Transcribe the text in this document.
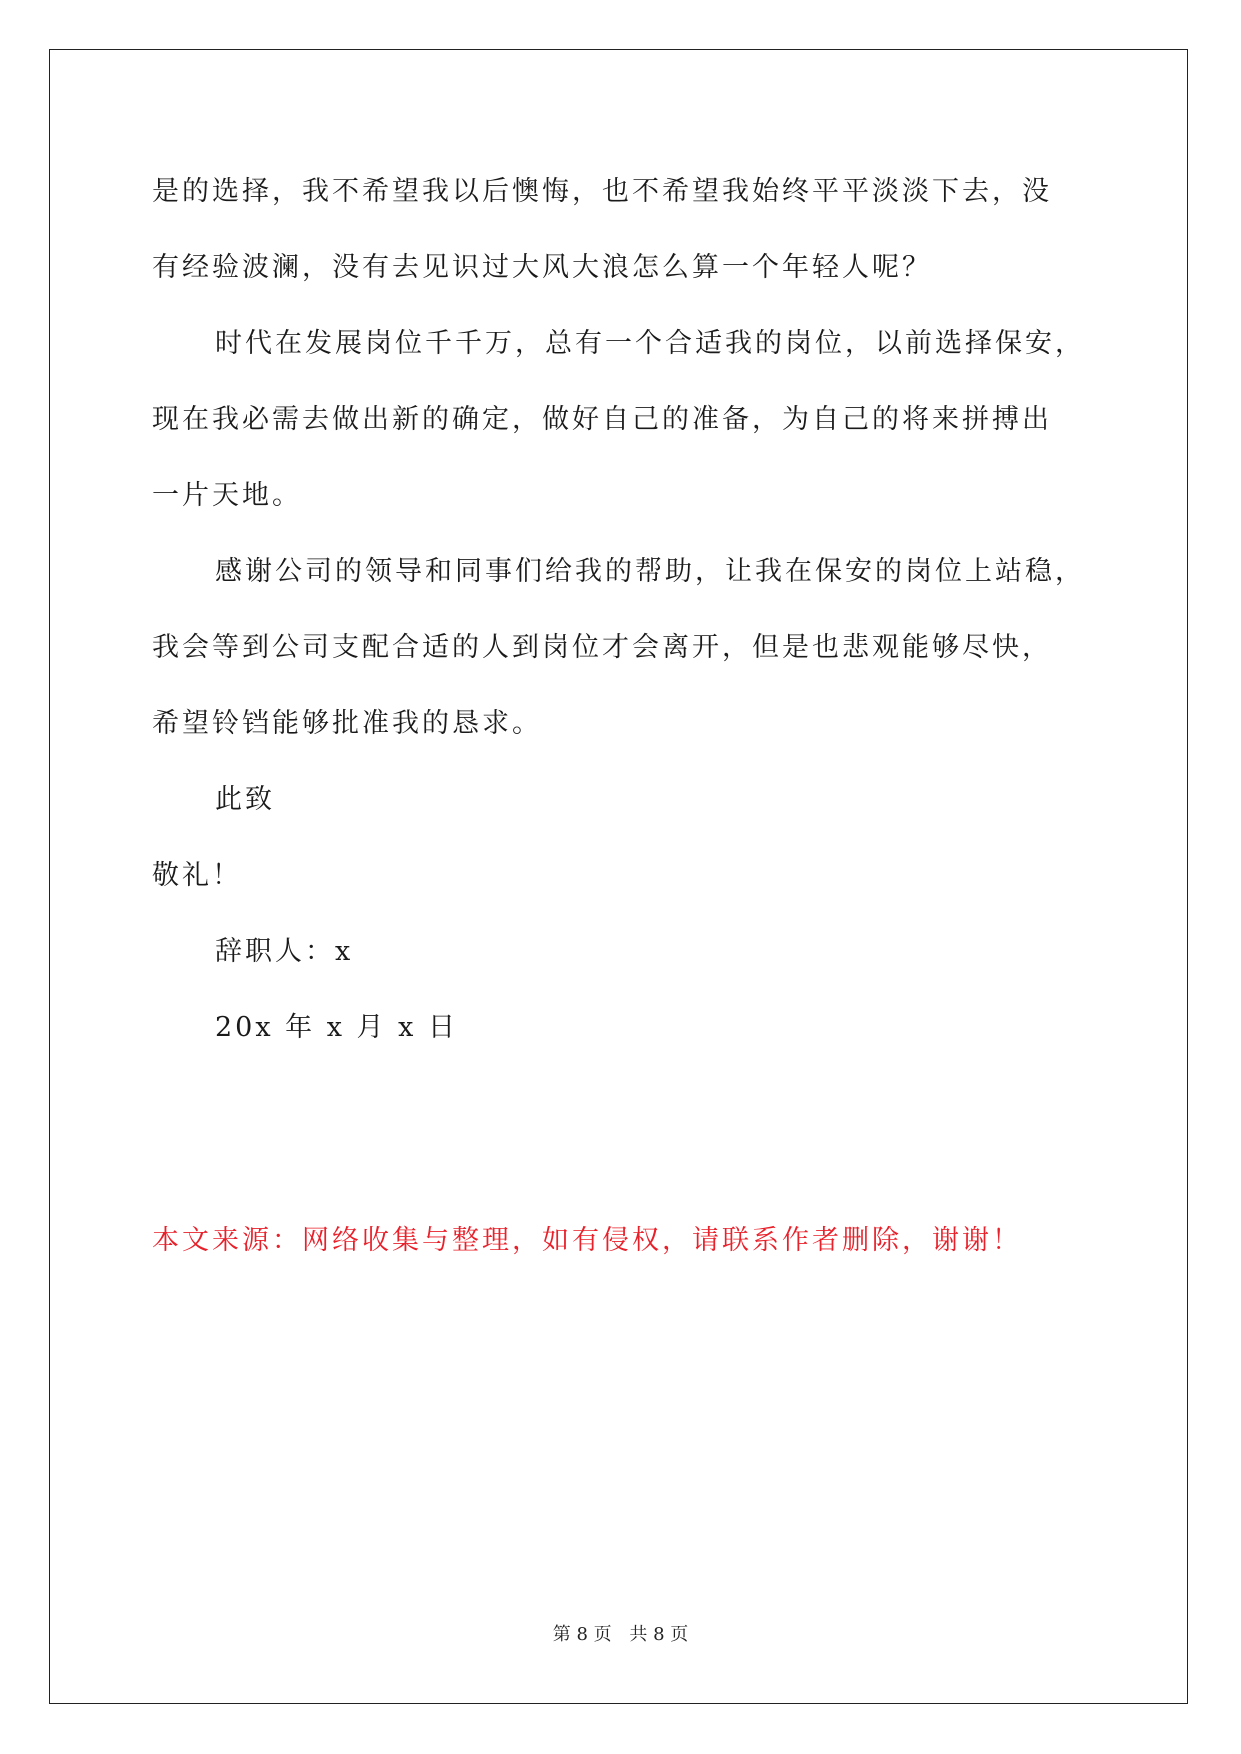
是的选择，我不希望我以后懊悔，也不希望我始终平平淡淡下去，没
有经验波澜，没有去见识过大风大浪怎么算一个年轻人呢？
时代在发展岗位千千万，总有一个合适我的岗位，以前选择保安，
现在我必需去做出新的确定，做好自己的准备，为自己的将来拼搏出
一片天地。
感谢公司的领导和同事们给我的帮助，让我在保安的岗位上站稳，
我会等到公司支配合适的人到岗位才会离开，但是也悲观能够尽快，
希望铃铛能够批准我的恳求。
此致
敬礼！
辞职人：x
20x 年 x 月 x 日
本文来源：网络收集与整理，如有侵权，请联系作者删除，谢谢！
第 8 页 共 8 页
